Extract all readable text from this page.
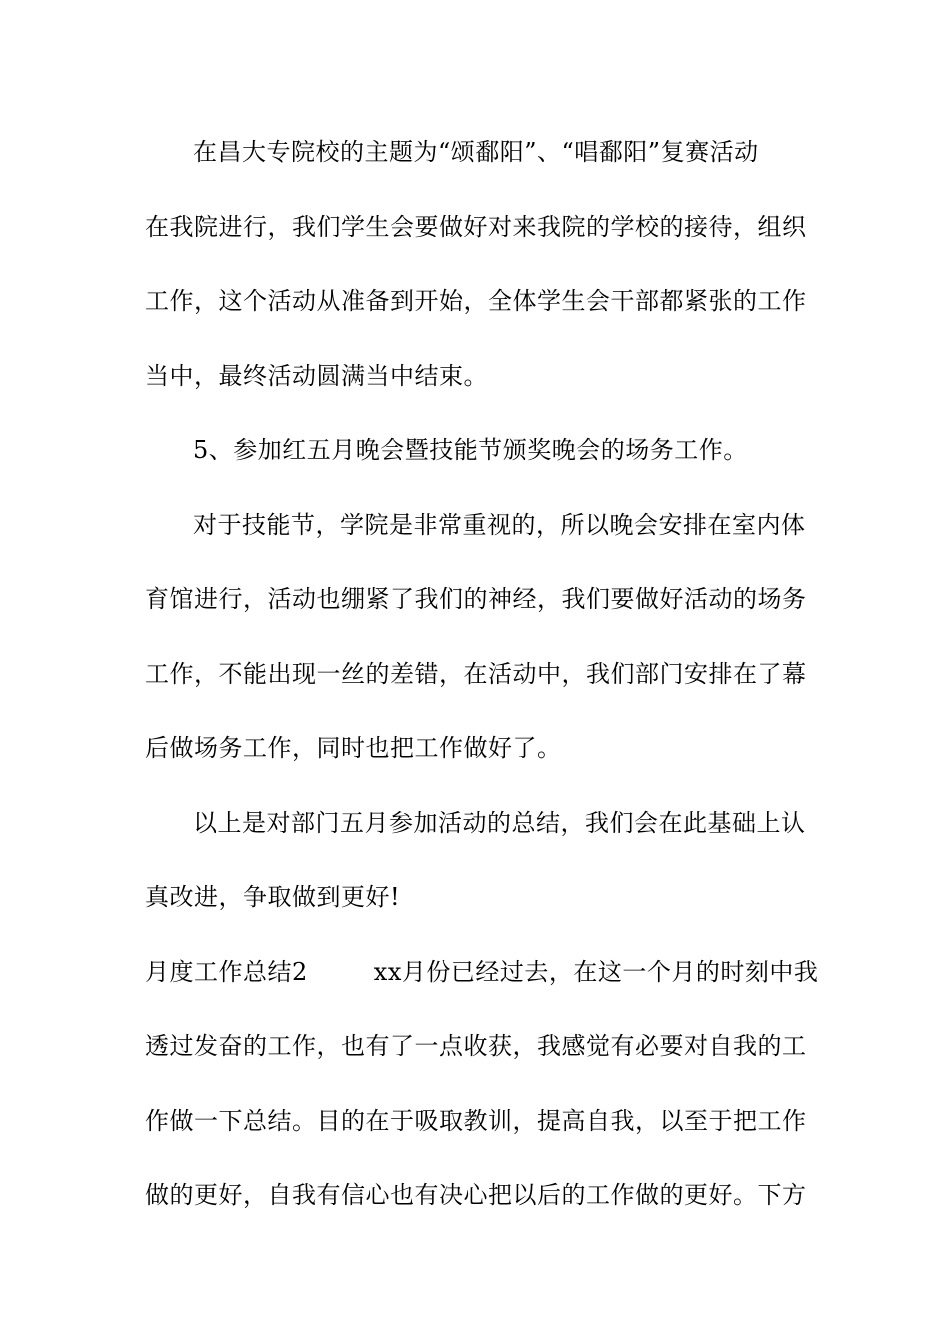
在昌大专院校的主题为“颂鄱阳”、“唱鄱阳”复赛活动
在我院进行，我们学生会要做好对来我院的学校的接待，组织
工作，这个活动从准备到开始，全体学生会干部都紧张的工作
当中，最终活动圆满当中结束。
5、参加红五月晚会暨技能节颁奖晚会的场务工作。
对于技能节，学院是非常重视的，所以晚会安排在室内体
育馆进行，活动也绷紧了我们的神经，我们要做好活动的场务
工作，不能出现一丝的差错，在活动中，我们部门安排在了幕
后做场务工作，同时也把工作做好了。
以上是对部门五月参加活动的总结，我们会在此基础上认
真改进，争取做到更好!
月度工作总结2	xx月份已经过去，在这一个月的时刻中我
透过发奋的工作，也有了一点收获，我感觉有必要对自我的工
作做一下总结。目的在于吸取教训，提高自我，以至于把工作
做的更好，自我有信心也有决心把以后的工作做的更好。下方
